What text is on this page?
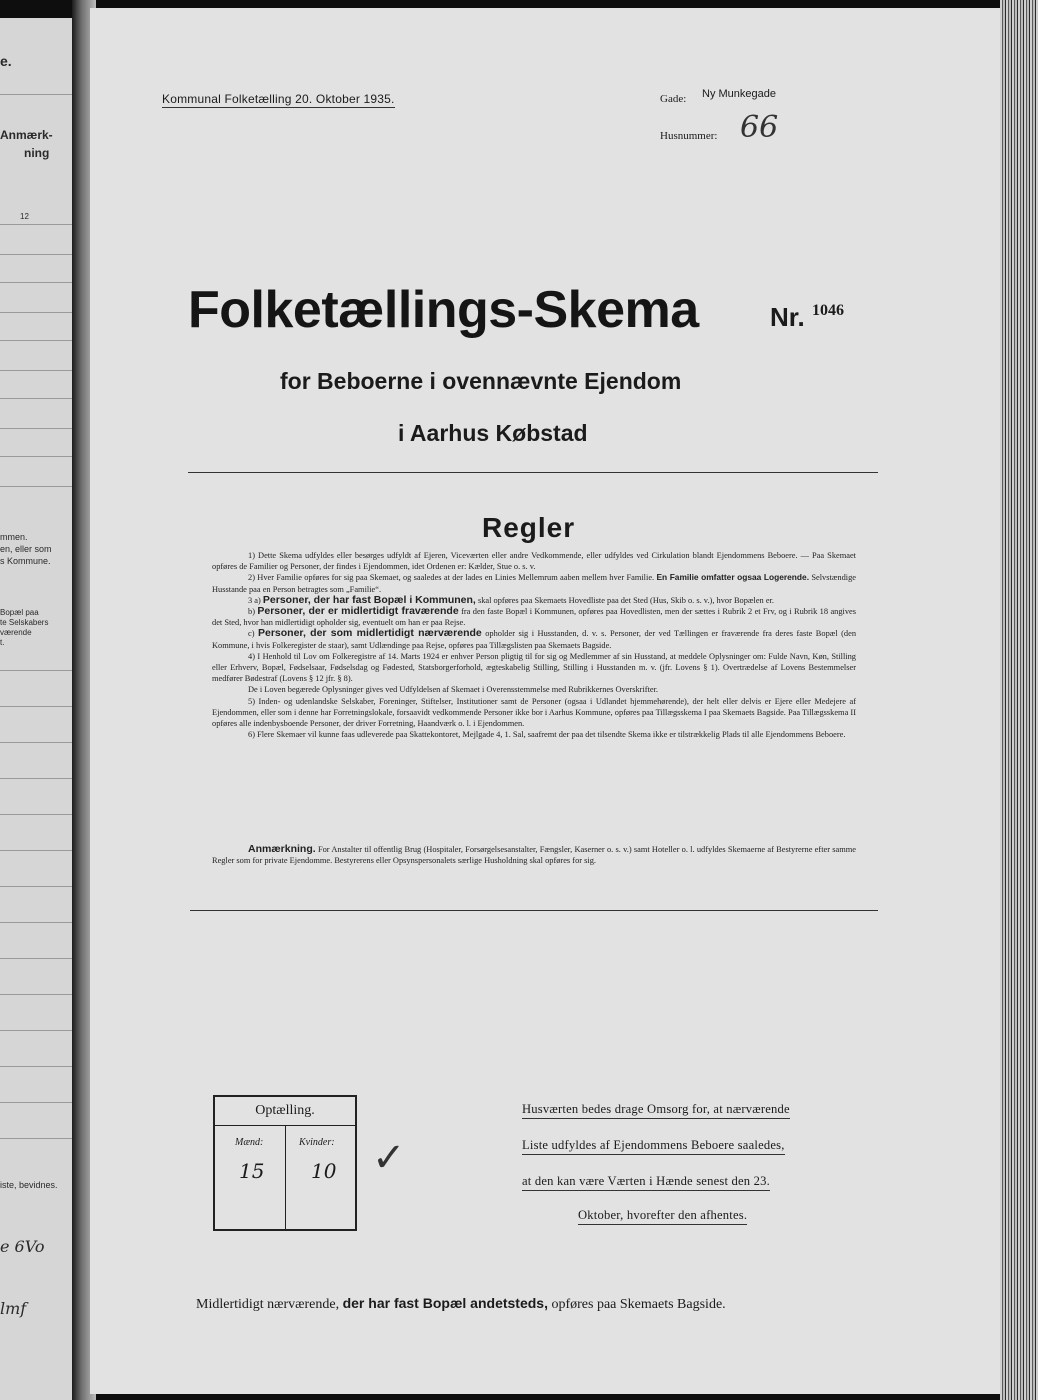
e.
Anmærk-
ning
12
mmen.
en, eller som
s Kommune.
Bopæl paa
te Selskabers
værende
t.
iste, bevidnes.
e 6Vo
lmf
Kommunal Folketælling 20. Oktober 1935.	Gade: Ny Munkegade
Husnummer: 66
Folketællings-Skema	Nr. 1046
for Beboerne i ovennævnte Ejendom
i Aarhus Købstad
Regler

1) Dette Skema udfyldes eller besørges udfyldt af Ejeren, Viceværten eller andre Vedkommende, eller udfyldes ved Cirkulation blandt Ejendommens Beboere. — Paa Skemaet opføres de Familier og Personer, der findes i Ejendommen, idet Ordenen er: Kælder, Stue o. s. v.

2) Hver Familie opføres for sig paa Skemaet, og saaledes at der lades en Linies Mellemrum aaben mellem hver Familie. En Familie omfatter ogsaa Logerende. Selvstændige Husstande paa en Person betragtes som „Familie“.

3 a) Personer, der har fast Bopæl i Kommunen, skal opføres paa Skemaets Hovedliste paa det Sted (Hus, Skib o. s. v.), hvor Bopælen er.

b) Personer, der er midlertidigt fraværende fra den faste Bopæl i Kommunen, opføres paa Hovedlisten, men der sættes i Rubrik 2 et Frv, og i Rubrik 18 angives det Sted, hvor han midlertidigt opholder sig, eventuelt om han er paa Rejse.

c) Personer, der som midlertidigt nærværende opholder sig i Husstanden, d. v. s. Personer, der ved Tællingen er fraværende fra deres faste Bopæl (den Kommune, i hvis Folkeregister de staar), samt Udlændinge paa Rejse, opføres paa Tillægslisten paa Skemaets Bagside.

4) I Henhold til Lov om Folkeregistre af 14. Marts 1924 er enhver Person pligtig til for sig og Medlemmer af sin Husstand, at meddele Oplysninger om: Fulde Navn, Køn, Stilling eller Erhverv, Bopæl, Fødselsaar, Fødselsdag og Fødested, Statsborgerforhold, ægteskabelig Stilling, Stilling i Husstanden m. v. (jfr. Lovens § 1). Overtrædelse af Lovens Bestemmelser medfører Bødestraf (Lovens § 12 jfr. § 8).

De i Loven begærede Oplysninger gives ved Udfyldelsen af Skemaet i Overensstemmelse med Rubrikkernes Overskrifter.

5) Inden- og udenlandske Selskaber, Foreninger, Stiftelser, Institutioner samt de Personer (ogsaa i Udlandet hjemmehørende), der helt eller delvis er Ejere eller Medejere af Ejendommen, eller som i denne har Forretningslokale, forsaavidt vedkommende Personer ikke bor i Aarhus Kommune, opføres paa Tillægsskema I paa Skemaets Bagside. Paa Tillægsskema II opføres alle indenbysboende Personer, der driver Forretning, Haandværk o. l. i Ejendommen.

6) Flere Skemaer vil kunne faas udleverede paa Skattekontoret, Mejlgade 4, 1. Sal, saafremt der paa det tilsendte Skema ikke er tilstrækkelig Plads til alle Ejendommens Beboere.

Anmærkning. For Anstalter til offentlig Brug (Hospitaler, Forsørgelsesanstalter, Fængsler, Kaserner o. s. v.) samt Hoteller o. l. udfyldes Skemaerne af Bestyrerne efter samme Regler som for private Ejendomme. Bestyrerens eller Opsynspersonalets særlige Husholdning skal opføres for sig.
Optælling.
Mænd:	Kvinder:
15 10 ✓
Husværten bedes drage Omsorg for, at nærværende
Liste udfyldes af Ejendommens Beboere saaledes,
at den kan være Værten i Hænde senest den 23.
Oktober, hvorefter den afhentes.
Midlertidigt nærværende, der har fast Bopæl andetsteds, opføres paa Skemaets Bagside.
